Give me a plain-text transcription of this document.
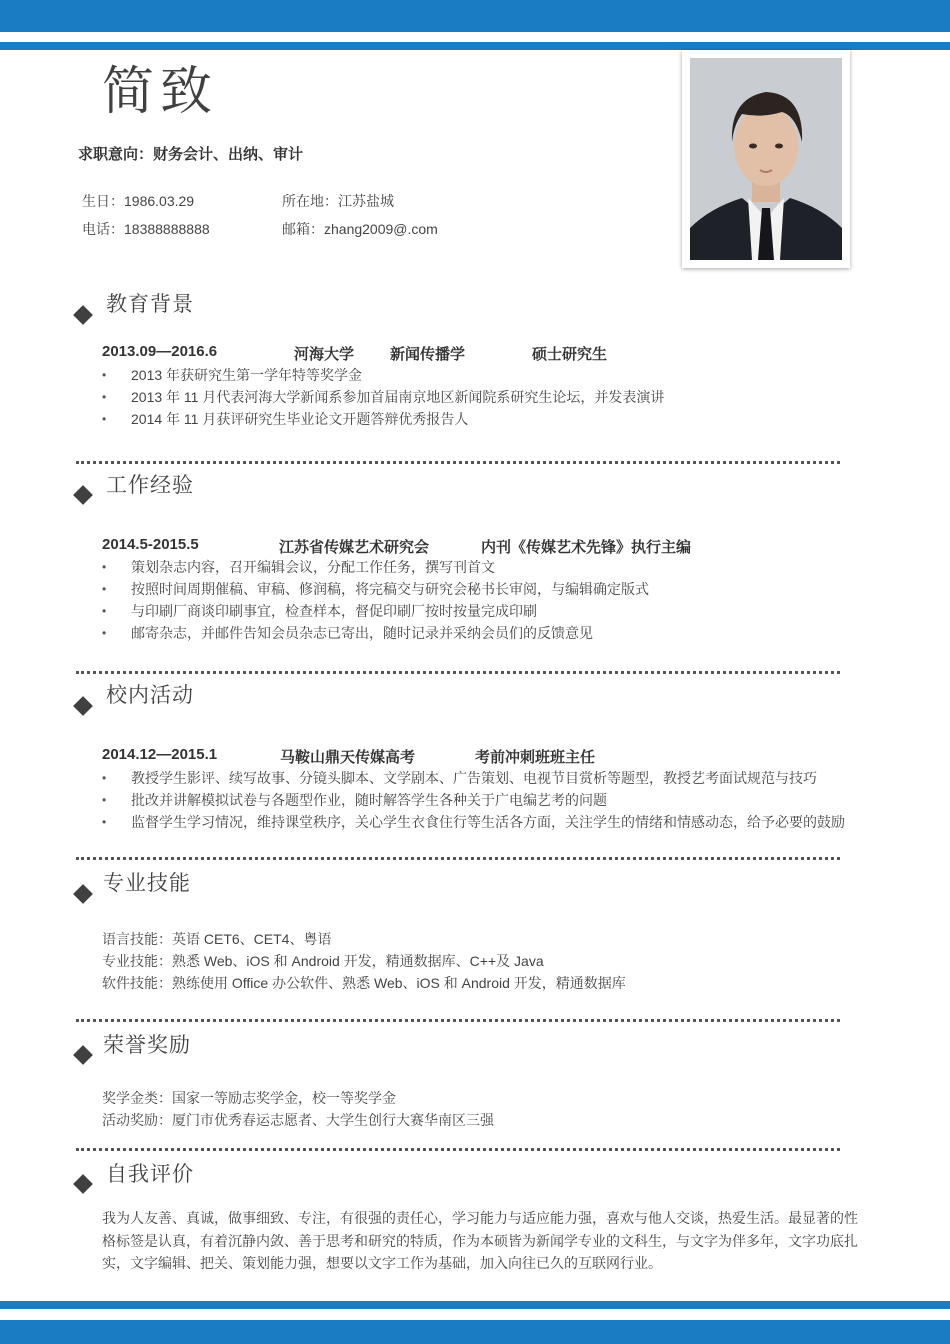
简致
求职意向：财务会计、出纳、审计
生日：1986.03.29	所在地：江苏盐城
电话：18388888888	邮箱：zhang2009@.com
教育背景
2013.09—2016.6	河海大学 新闻传播学	硕士研究生
• 2013 年获研究生第一学年特等奖学金
• 2013 年 11 月代表河海大学新闻系参加首届南京地区新闻院系研究生论坛，并发表演讲
• 2014 年 11 月获评研究生毕业论文开题答辩优秀报告人
工作经验
2014.5-2015.5	江苏省传媒艺术研究会	内刊《传媒艺术先锋》执行主编
• 策划杂志内容，召开编辑会议，分配工作任务，撰写刊首文
• 按照时间周期催稿、审稿、修润稿，将完稿交与研究会秘书长审阅，与编辑确定版式
• 与印刷厂商谈印刷事宜，检查样本，督促印刷厂按时按量完成印刷
• 邮寄杂志，并邮件告知会员杂志已寄出，随时记录并采纳会员们的反馈意见
校内活动
2014.12—2015.1	马鞍山鼎天传媒高考	考前冲刺班班主任
• 教授学生影评、续写故事、分镜头脚本、文学剧本、广告策划、电视节目赏析等题型，教授艺考面试规范与技巧
• 批改并讲解模拟试卷与各题型作业，随时解答学生各种关于广电编艺考的问题
• 监督学生学习情况，维持课堂秩序，关心学生衣食住行等生活各方面，关注学生的情绪和情感动态，给予必要的鼓励
专业技能
语言技能：英语 CET6、CET4、粤语
专业技能：熟悉 Web、iOS 和 Android 开发，精通数据库、C++及 Java
软件技能：熟练使用 Office 办公软件、熟悉 Web、iOS 和 Android 开发，精通数据库
荣誉奖励
奖学金类：国家一等励志奖学金，校一等奖学金
活动奖励：厦门市优秀春运志愿者、大学生创行大赛华南区三强
自我评价
我为人友善、真诚，做事细致、专注，有很强的责任心，学习能力与适应能力强，喜欢与他人交谈，热爱生活。最显著的性格标签是认真，有着沉静内敛、善于思考和研究的特质，作为本硕皆为新闻学专业的文科生，与文字为伴多年，文字功底扎实，文字编辑、把关、策划能力强，想要以文字工作为基础，加入向往已久的互联网行业。
